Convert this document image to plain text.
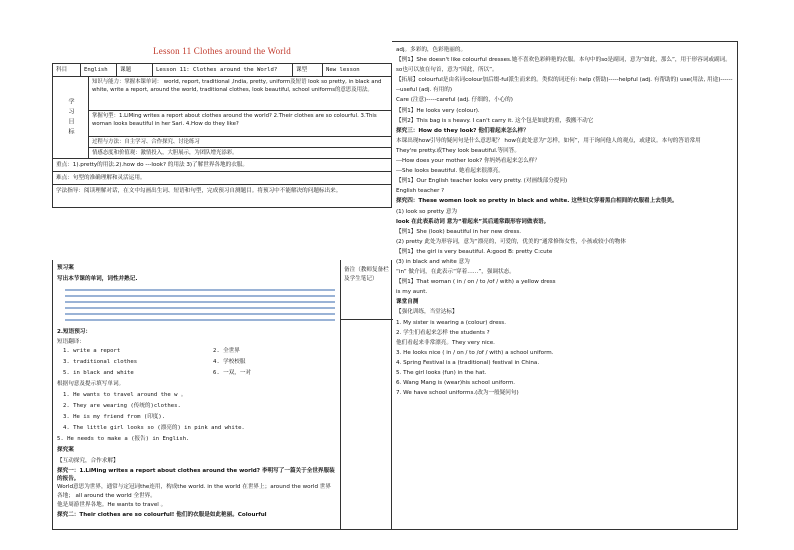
Lesson 11 Clothes around the World
科目	English	课题	Lesson 11: Clothes around the World?	课型	New lesson
学习目标
知识与能力：掌握本课单词： world, report, traditional ,India, pretty, uniform及短语 look so pretty, in black and white, write a report, around the world, traditional clothes, look beautiful, school uniforms的意思及用法。
掌握句型：1.LiMing writes a report about clothes around the world? 2.Their clothes are so colourful. 3.This woman looks beautiful in her Sari. 4.How do they like?
过程与方法：自主学习、合作探究、讨论练习
情感态度和价值观：激情投入，大胆展示，为团队增光添彩。
重点：1).pretty的用法.2).how do ---look? 的用法 3)了解世界各地的衣服。
难点：句型的准确理解和灵活运用。
学法指导：阅读理解对话，在文中勾画出生词、短语和句型，完成预习自测题目。将预习中不能解决的问题标出来。
预习案
写出本节课的单词，词性并熟记.
2.短语预习：
短语翻译：
1. write a report	2. 全世界
3. traditional clothes	4. 学校校服
5. in black and white	6. 一双，一对
根据句意及提示填写单词。
1. He wants to travel around the w 。
2. They are wearing (传统的)clothes.
3. He is my friend from (印度).
4. The little girl looks so (漂亮的) in pink and white.
5. He needs to make a (报告) in English.
探究案
【互动探究，合作求解】
探究一：1.LiMing writes a report about clothes around the world? 李明写了一篇关于全世界服装的报告。
World意思为世界，通常与定冠词the连用，构成the world. in the world 在世界上；around the world 世界各地； all around the world 全世界。
他是周游世界各地。He wants to travel 。
探究二：Their clothes are so colourful! 他们的衣服是如此艳丽。Colourful
备注（教师复备栏及学生笔记）

adj。多彩的，色彩艳丽的。

【例1】She doesn't like colourful dresses.她不喜欢色彩鲜艳的衣服。本句中的so是副词，意为“如此，那么”，用于形容词或副词。so也可以放在句首，意为“因此，所以”。

【拓展】colourful是由名词colour加后缀-ful派生而来的。类似的词还有: help (帮助)-----helpful (adj. 有帮助的) use(用法, 用途)--------useful (adj. 有用的)

Care (注意)-----careful (adj. 仔细的，小心的)

【例1】He looks very (colour).

【例2】This bag is s heavy. I can't carry it. 这个包是如此的重，我搬不动它

探究三：How do they look? 他们看起来怎么样？

本课出现how引导的疑问句是什么意思呢？ how在此处意为“怎样，如何”，用于询问他人的观点，或建议。本句的答语常用

They're pretty.或They look beautiful.等回答。

---How does your mother look? 你妈妈看起来怎么样？

---She looks beautiful. 她看起来很漂亮。

【例1】Our English teacher looks very pretty. (对画线部分提问)

English teacher ?

探究四：These women look so pretty in black and white. 这些妇女穿着黑白相间的衣服看上去很美。

(1) look so pretty 意为

look 在此表系动词 意为“看起来”其后通常跟形容词做表语。

【例1】She (look) beautiful in her new dress.

(2) pretty 此处为形容词，意为“漂亮的，可爱的，优美的”通常修饰女性，小孩或较小的物体

【例1】the girl is very beautiful. A:good B: pretty C:cute

(3) in black and white 意为

“in” 做介词，在此表示“穿着……”，强调状态。

【例1】That woman ( in / on / to /of / with) a yellow dress

is my aunt.

课堂自测

【强化训练，当堂达标】

1. My sister is wearing a (colour) dress.

2. 学生们看起来怎样 the students ?

他们看起来非常漂亮。They very nice.

3. He looks nice ( in / on / to /of / with) a school uniform.

4. Spring Festival is a (traditional) festival in China.

5. The girl looks (fun) in the hat.

6. Wang Mang is (wear)his school uniform.

7. We have school uniforms.(改为一般疑问句)
